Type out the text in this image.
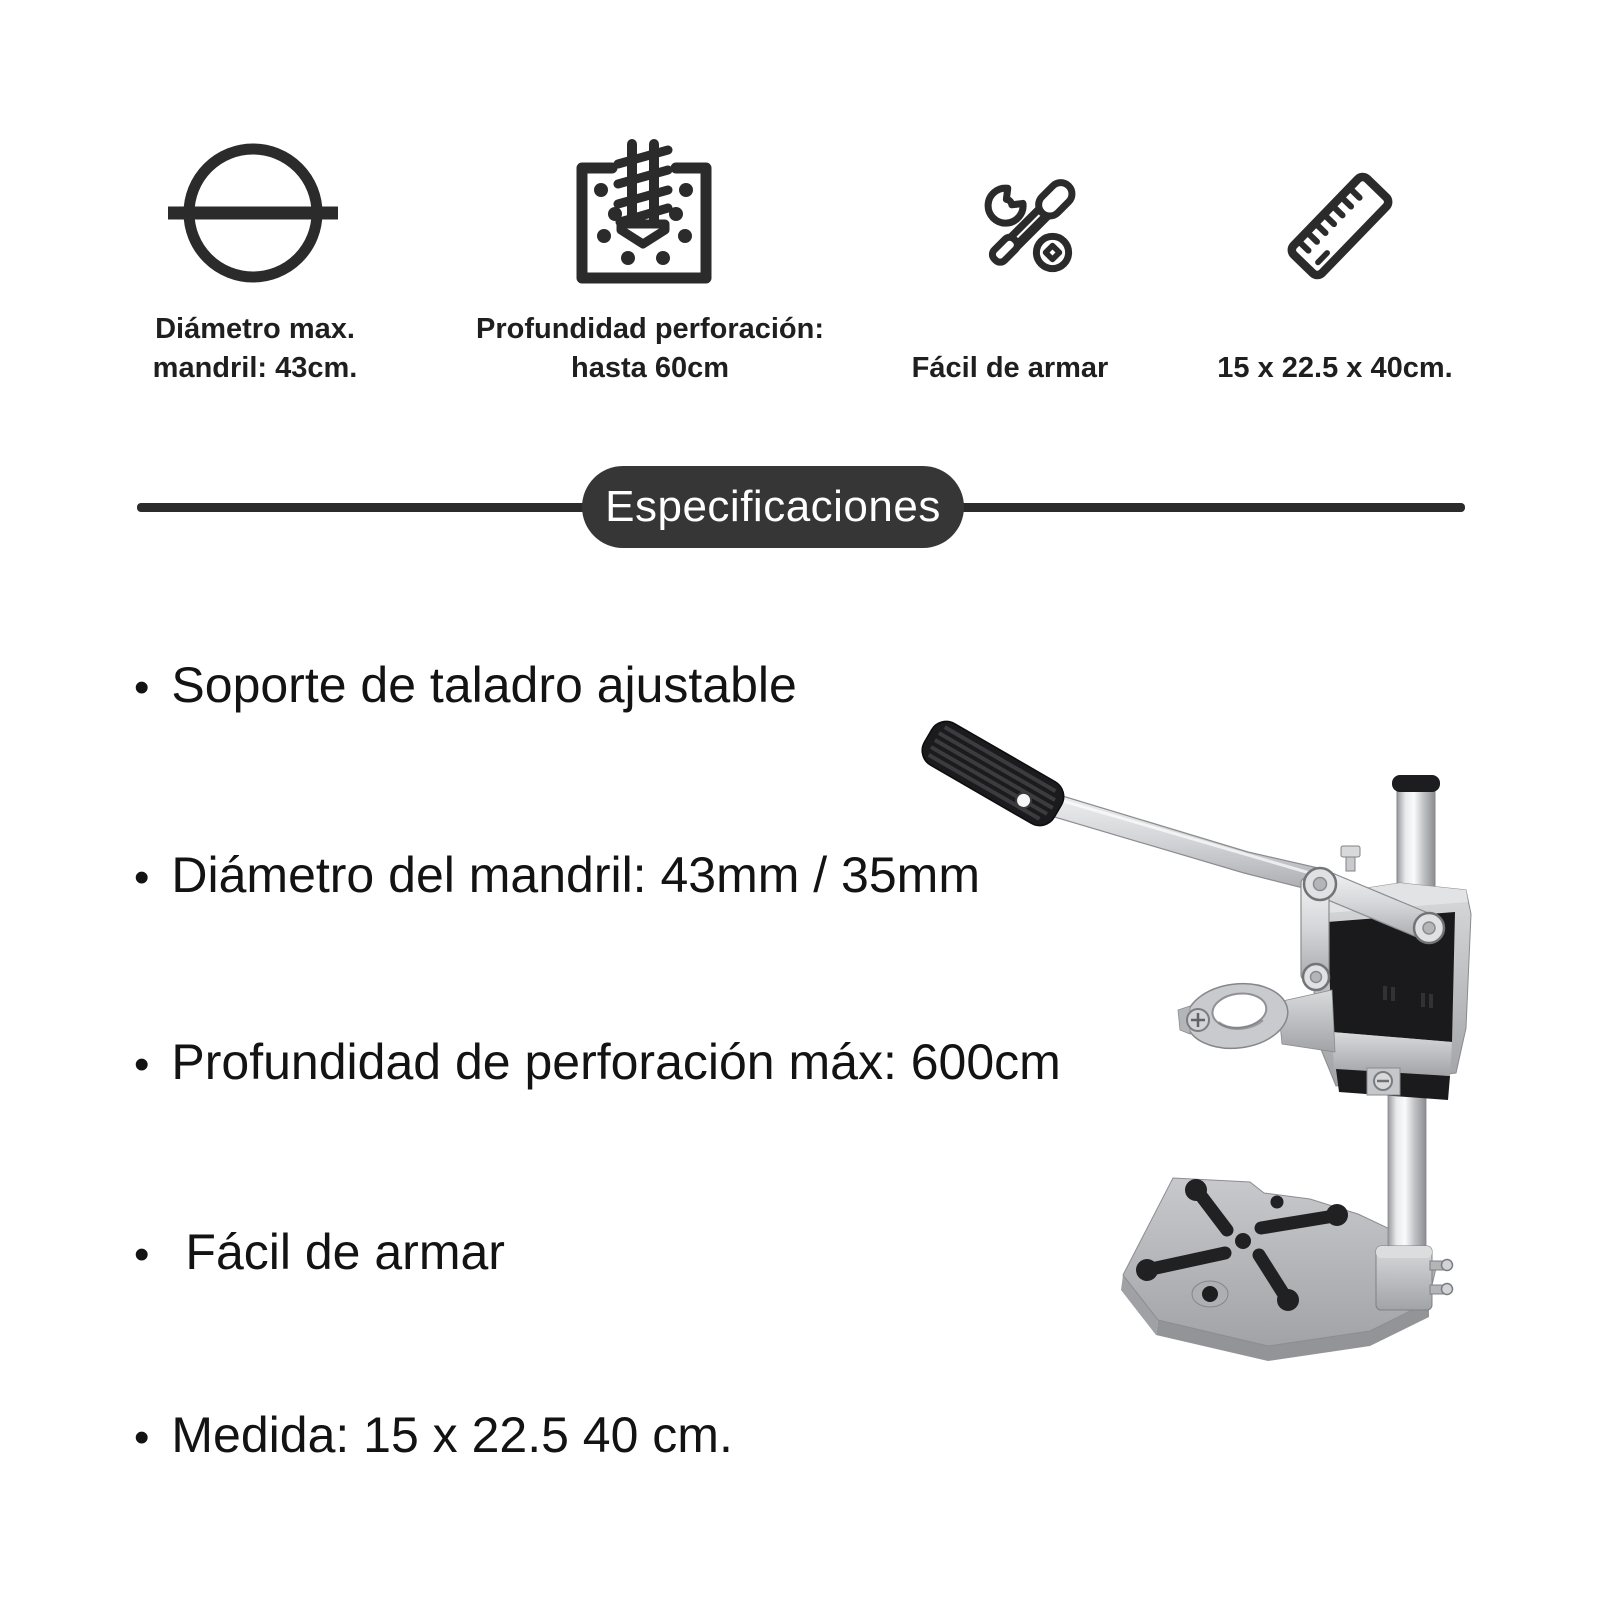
Diámetro max.
mandril: 43cm.
Profundidad perforación:
hasta 60cm	Fácil de armar	15 x 22.5 x 40cm.
Especificaciones
• Soporte de taladro ajustable
• Diámetro del mandril: 43mm / 35mm
• Profundidad de perforación máx: 600cm
• Fácil de armar
• Medida: 15 x 22.5 40 cm.
